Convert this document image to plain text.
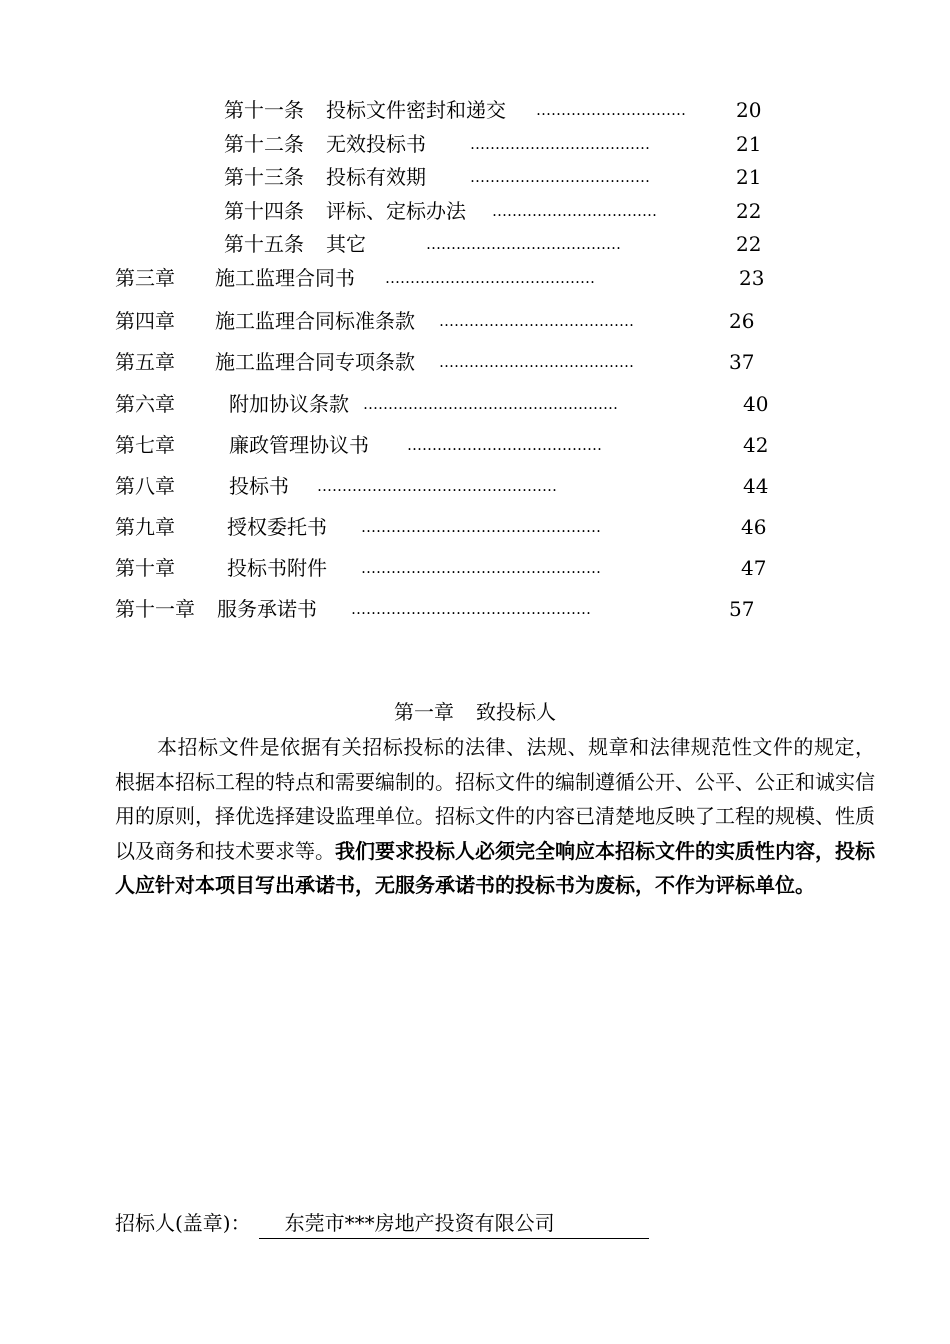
第十一条 投标文件密封和递交 …………………………	20
第十二条 无效投标书	………………………………	21
第十三条 投标有效期	………………………………	21
第十四条 评标、定标办法 ……………………………	22
第十五条 其它	…………………………………	22
第三章 施工监理合同书 ……………………………………	23
第四章 施工监理合同标准条款 …………………………………	26
第五章 施工监理合同专项条款 …………………………………	37
第六章	附加协议条款 ……………………………………………	40
第七章	廉政管理协议书	…………………………………	42
第八章	投标书 …………………………………………	44
第九章	授权委托书 …………………………………………	46
第十章	投标书附件 …………………………………………	47
第十一章 服务承诺书 …………………………………………	57
第一章 致投标人
本招标文件是依据有关招标投标的法律、法规、规章和法律规范性文件的规定，根据本招标工程的特点和需要编制的。招标文件的编制遵循公开、公平、公正和诚实信用的原则，择优选择建设监理单位。招标文件的内容已清楚地反映了工程的规模、性质以及商务和技术要求等。我们要求投标人必须完全响应本招标文件的实质性内容，投标人应针对本项目写出承诺书，无服务承诺书的投标书为废标，不作为评标单位。
招标人(盖章)： 东莞市***房地产投资有限公司
